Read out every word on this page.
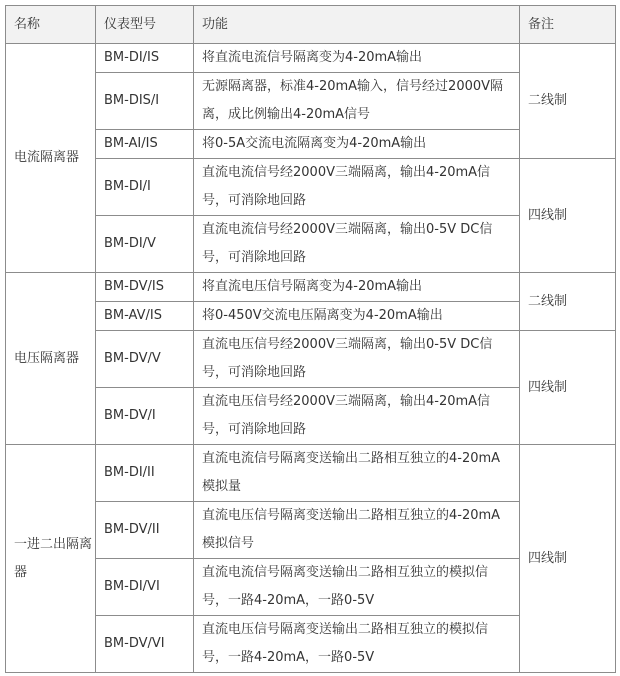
名称	仪表型号	功能	备注
电流隔离器	BM-DI/IS	将直流电流信号隔离变为4-20mA输出	二线制
	BM-DIS/I	无源隔离器，标准4-20mA输入，信号经过2000V隔离，成比例输出4-20mA信号	
	BM-AI/IS	将0-5A交流电流隔离变为4-20mA输出	
	BM-DI/I	直流电流信号经2000V三端隔离，输出4-20mA信号，可消除地回路	四线制
	BM-DI/V	直流电流信号经2000V三端隔离，输出0-5V DC信号，可消除地回路	
电压隔离器	BM-DV/IS	将直流电压信号隔离变为4-20mA输出	二线制
	BM-AV/IS	将0-450V交流电压隔离变为4-20mA输出	
	BM-DV/V	直流电压信号经2000V三端隔离，输出0-5V DC信号，可消除地回路	四线制
	BM-DV/I	直流电压信号经2000V三端隔离，输出4-20mA信号，可消除地回路	
一进二出隔离器	BM-DI/II	直流电流信号隔离变送输出二路相互独立的4-20mA模拟量	四线制
	BM-DV/II	直流电压信号隔离变送输出二路相互独立的4-20mA模拟信号	
	BM-DI/VI	直流电流信号隔离变送输出二路相互独立的模拟信号，一路4-20mA，一路0-5V	
	BM-DV/VI	直流电压信号隔离变送输出二路相互独立的模拟信号，一路4-20mA，一路0-5V	
